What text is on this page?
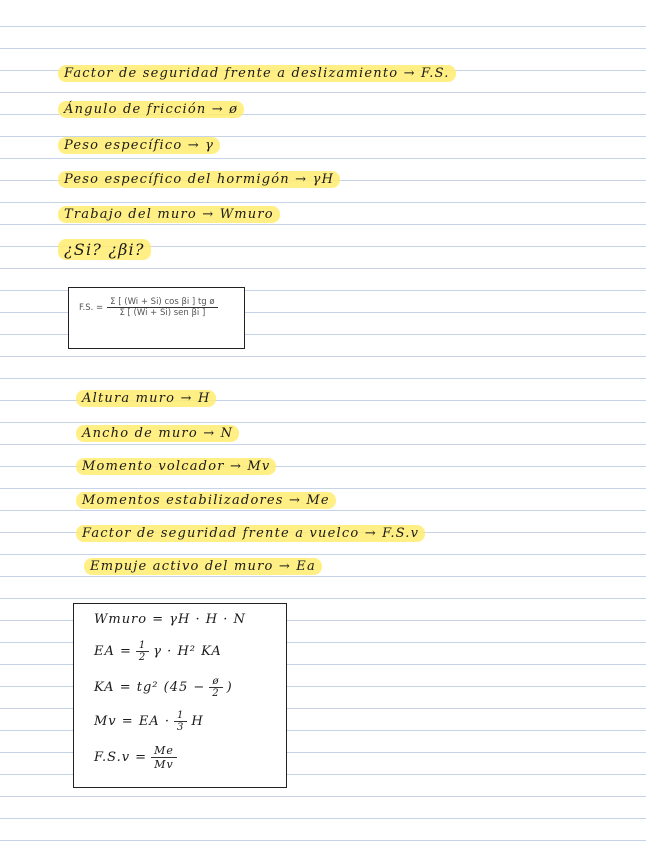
Factor de seguridad frente a deslizamiento → F.S.
Ángulo de fricción → ø
Peso específico → γ
Peso específico del hormigón → γH
Trabajo del muro → Wmuro
¿Si? ¿βi?
F.S. = $\frac{\text{Σ [ (Wi + Si) cos βi ] tg ø}}{\text{Σ [ (Wi + Si) sen βi ]}}$
Altura muro → H
Ancho de muro → N
Momento volcador → Mv
Momentos estabilizadores → Me
Factor de seguridad frente a vuelco → F.S.v
Empuje activo del muro → Ea
Wmuro = γH · H · N
EA = $\frac{1}{2}$ γ · H² KA
KA = tg² ($45 - \frac{ø}{2}$ )
Mv = EA · $\frac{1}{3}$ H
$F.S.v = \frac{Me}{Mv}$
